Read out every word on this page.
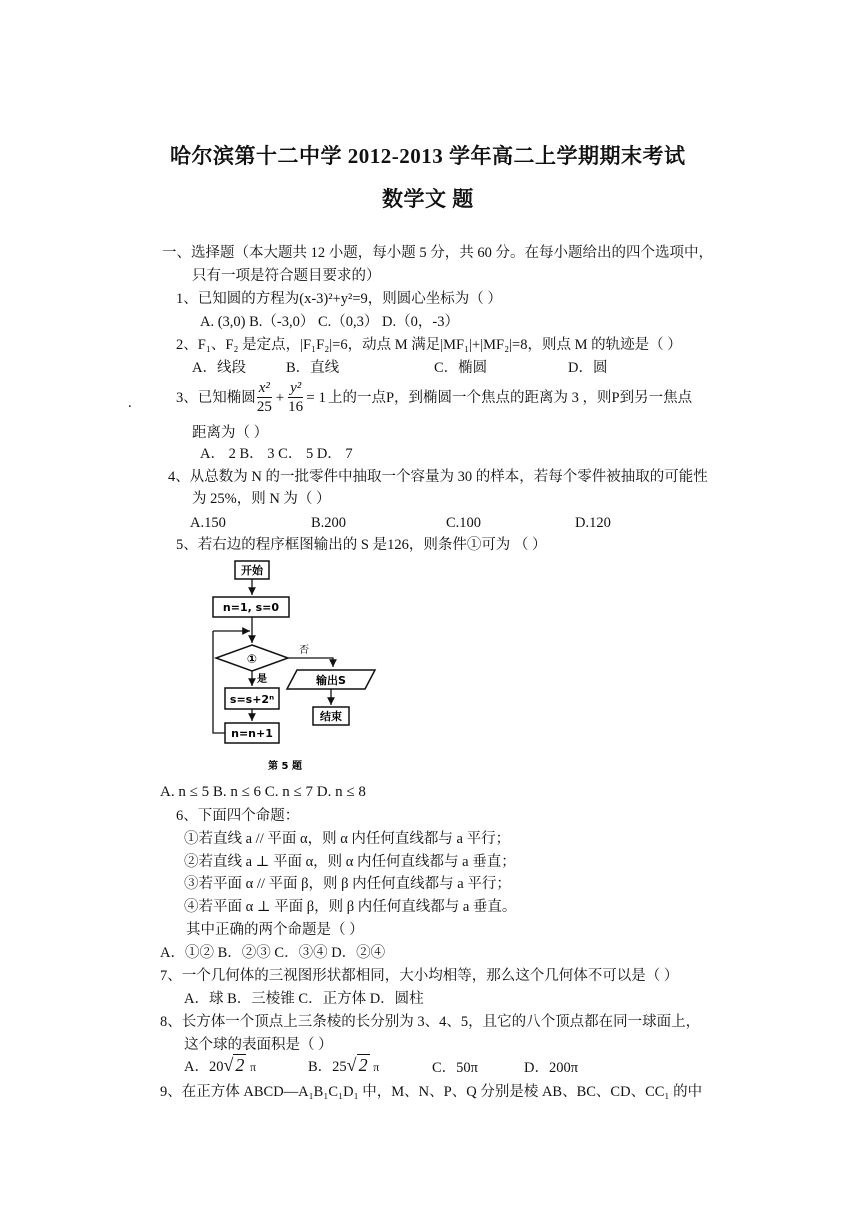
哈尔滨第十二中学 2012-2013 学年高二上学期期末考试
数学文 题
一、选择题（本大题共 12 小题，每小题 5 分，共 60 分。在每小题给出的四个选项中，
只有一项是符合题目要求的）
1、已知圆的方程为(x-3)²+y²=9，则圆心坐标为（ ）
A. (3,0) B.（-3,0） C.（0,3） D.（0，-3）
2、F₁、F₂ 是定点，|F₁F₂|=6，动点 M 满足|MF₁|+|MF₂|=8，则点 M 的轨迹是（ ）
A．线段	B．直线	C．椭圆	D．圆
.	3、已知椭圆 $\frac{\text{x²}}{25} + \frac{\text{y²}}{16} = 1$ 上的一点P，到椭圆一个焦点的距离为 3 ，则P到另一焦点
距离为（ ）
A． 2 B． 3 C． 5 D． 7
4、从总数为 N 的一批零件中抽取一个容量为 30 的样本，若每个零件被抽取的可能性
为 25%，则 N 为（ ）
A.150	B.200	C.100	D.120
5、若右边的程序框图输出的 S 是126，则条件①可为 （ ）
开始
n=1, s=0
①
否
输出S
结束
是
s=s+2ⁿ
n=n+1
第 5 题
A. n ≤ 5 B. n ≤ 6 C. n ≤ 7 D. n ≤ 8
6、下面四个命题：
①若直线 a // 平面 α，则 α 内任何直线都与 a 平行；
②若直线 a ⊥ 平面 α，则 α 内任何直线都与 a 垂直；
③若平面 α // 平面 β，则 β 内任何直线都与 a 平行；
④若平面 α ⊥ 平面 β，则 β 内任何直线都与 a 垂直。
其中正确的两个命题是（ ）
A．①② B．②③ C．③④ D．②④
7、一个几何体的三视图形状都相同，大小均相等，那么这个几何体不可以是（ ）
A．球 B．三棱锥 C．正方体 D．圆柱
8、长方体一个顶点上三条棱的长分别为 3、4、5，且它的八个顶点都在同一球面上，
这个球的表面积是（ ）
A．20√ 2 π	B．25√ 2 π	C．50π	D．200π
9、在正方体 ABCD—A₁B₁C₁D₁ 中，M、N、P、Q 分别是棱 AB、BC、CD、CC₁ 的中
